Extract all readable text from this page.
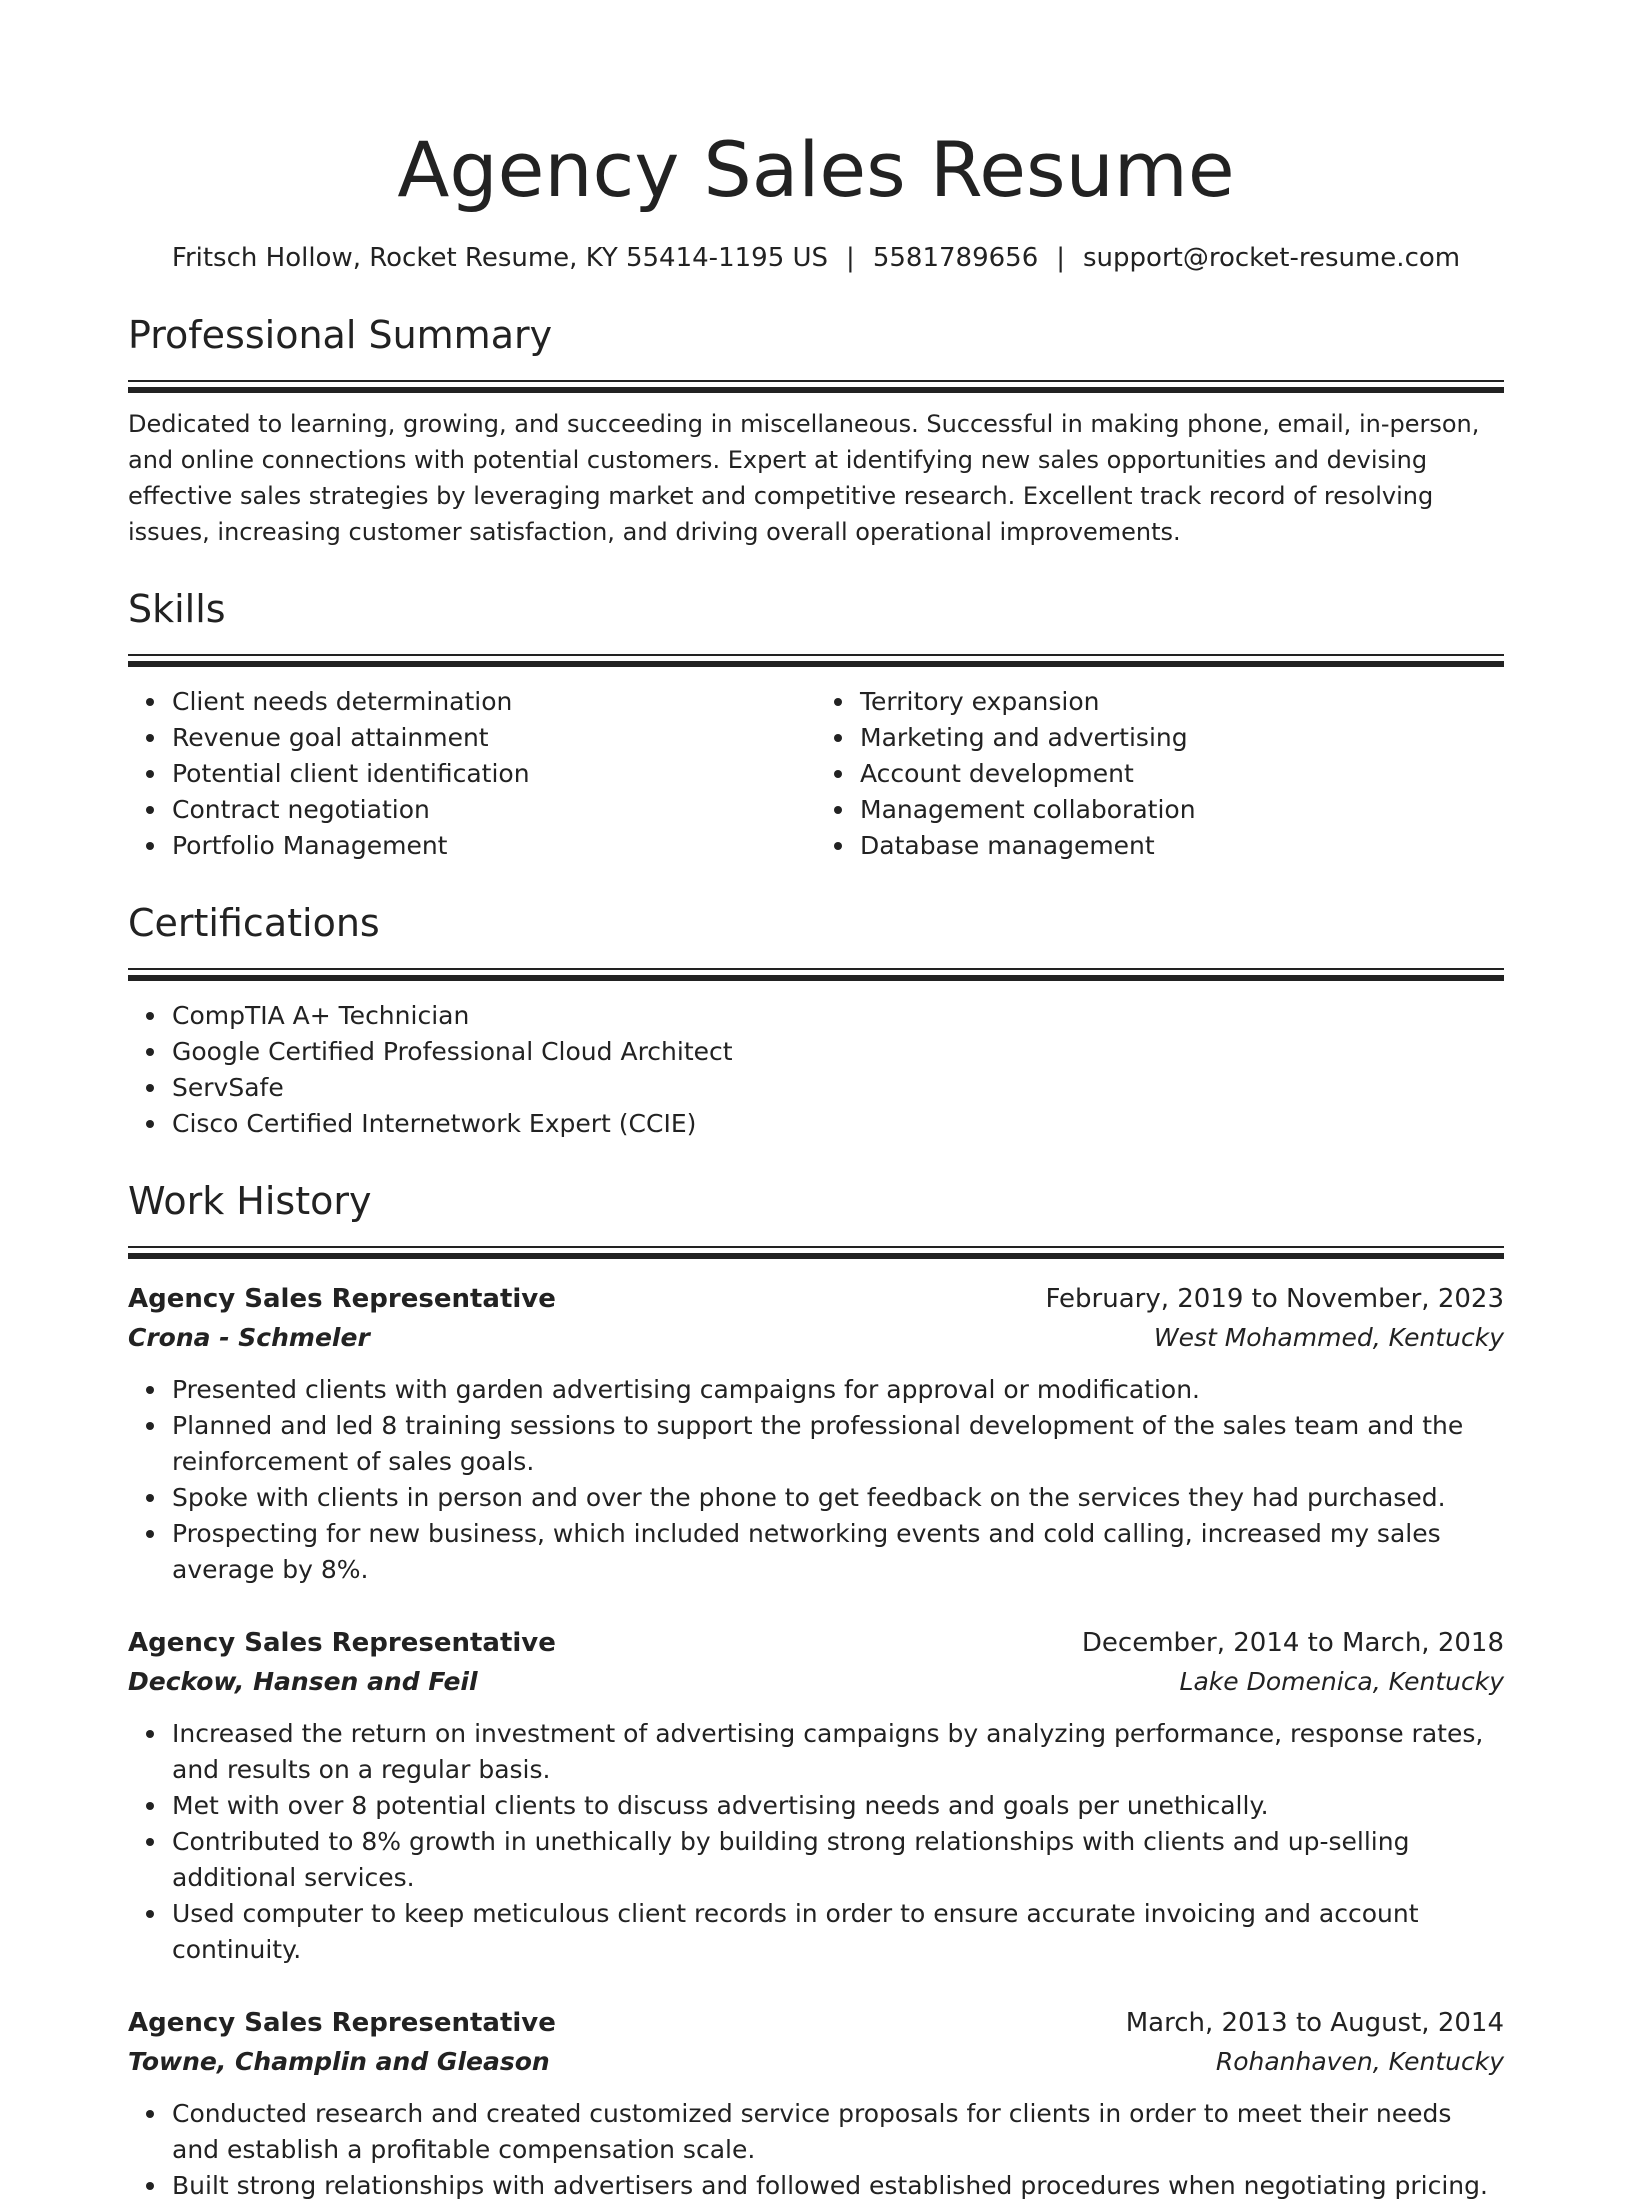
Agency Sales Resume
Fritsch Hollow, Rocket Resume, KY 55414-1195 US | 5581789656 | support@rocket-resume.com
Professional Summary
Dedicated to learning, growing, and succeeding in miscellaneous. Successful in making phone, email, in-person, and online connections with potential customers. Expert at identifying new sales opportunities and devising effective sales strategies by leveraging market and competitive research. Excellent track record of resolving issues, increasing customer satisfaction, and driving overall operational improvements.
Skills
Client needs determination
Revenue goal attainment
Potential client identification
Contract negotiation
Portfolio Management
Territory expansion
Marketing and advertising
Account development
Management collaboration
Database management
Certifications
CompTIA A+ Technician
Google Certified Professional Cloud Architect
ServSafe
Cisco Certified Internetwork Expert (CCIE)
Work History
Agency Sales Representative	February, 2019 to November, 2023
Crona - Schmeler	West Mohammed, Kentucky
Presented clients with garden advertising campaigns for approval or modification.
Planned and led 8 training sessions to support the professional development of the sales team and the reinforcement of sales goals.
Spoke with clients in person and over the phone to get feedback on the services they had purchased.
Prospecting for new business, which included networking events and cold calling, increased my sales average by 8%.
Agency Sales Representative	December, 2014 to March, 2018
Deckow, Hansen and Feil	Lake Domenica, Kentucky
Increased the return on investment of advertising campaigns by analyzing performance, response rates, and results on a regular basis.
Met with over 8 potential clients to discuss advertising needs and goals per unethically.
Contributed to 8% growth in unethically by building strong relationships with clients and up-selling additional services.
Used computer to keep meticulous client records in order to ensure accurate invoicing and account continuity.
Agency Sales Representative	March, 2013 to August, 2014
Towne, Champlin and Gleason	Rohanhaven, Kentucky
Conducted research and created customized service proposals for clients in order to meet their needs and establish a profitable compensation scale.
Built strong relationships with advertisers and followed established procedures when negotiating pricing.
